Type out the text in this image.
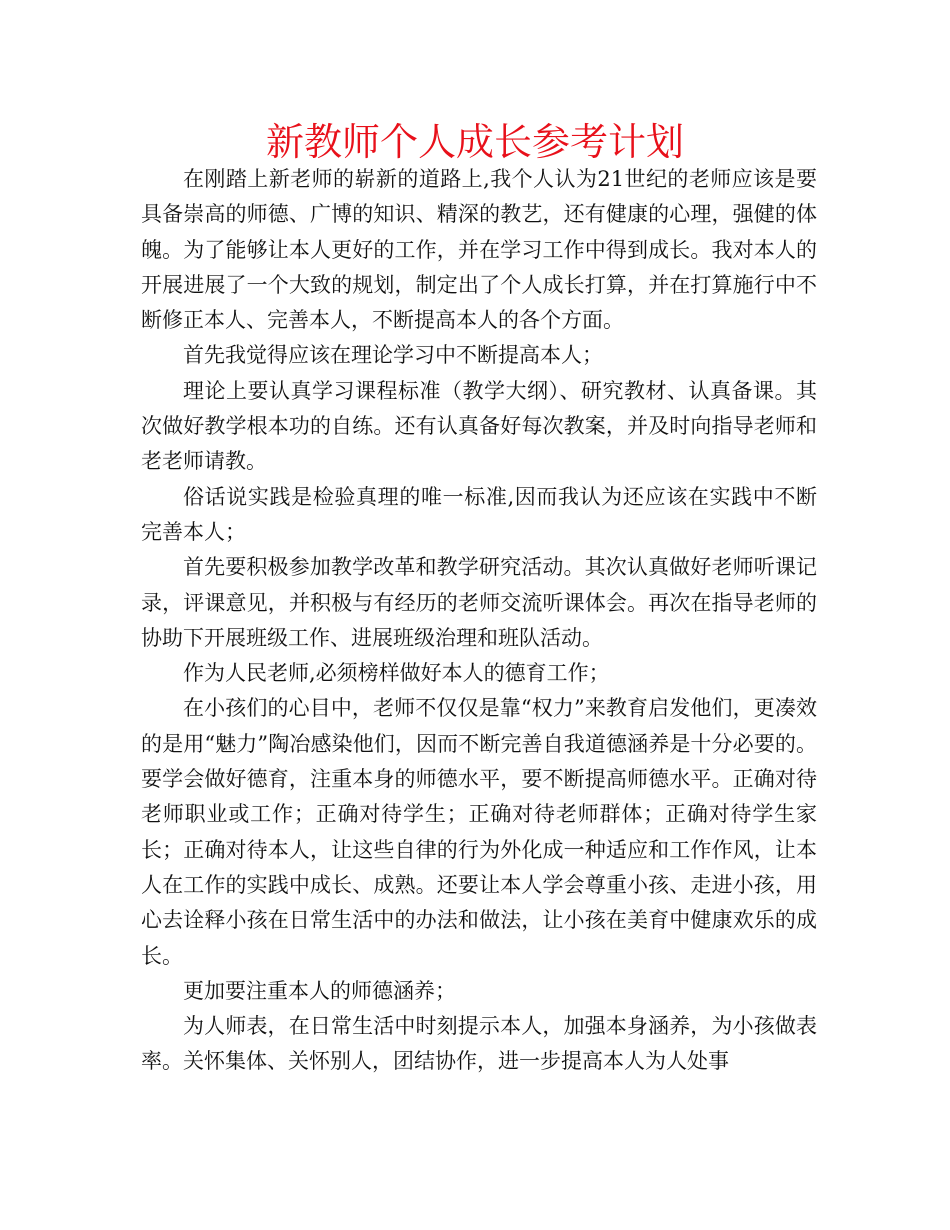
新教师个人成长参考计划

在刚踏上新老师的崭新的道路上,我个人认为21世纪的老师应该是要具备崇高的师德、广博的知识、精深的教艺，还有健康的心理，强健的体魄。为了能够让本人更好的工作，并在学习工作中得到成长。我对本人的开展进展了一个大致的规划，制定出了个人成长打算，并在打算施行中不断修正本人、完善本人，不断提高本人的各个方面。

首先我觉得应该在理论学习中不断提高本人；

理论上要认真学习课程标准（教学大纲）、研究教材、认真备课。其次做好教学根本功的自练。还有认真备好每次教案，并及时向指导老师和老老师请教。

俗话说实践是检验真理的唯一标准,因而我认为还应该在实践中不断完善本人；

首先要积极参加教学改革和教学研究活动。其次认真做好老师听课记录，评课意见，并积极与有经历的老师交流听课体会。再次在指导老师的协助下开展班级工作、进展班级治理和班队活动。

作为人民老师,必须榜样做好本人的德育工作；

在小孩们的心目中，老师不仅仅是靠“权力”来教育启发他们，更凑效的是用“魅力”陶冶感染他们，因而不断完善自我道德涵养是十分必要的。要学会做好德育，注重本身的师德水平，要不断提高师德水平。正确对待老师职业或工作；正确对待学生；正确对待老师群体；正确对待学生家长；正确对待本人，让这些自律的行为外化成一种适应和工作作风，让本人在工作的实践中成长、成熟。还要让本人学会尊重小孩、走进小孩，用心去诠释小孩在日常生活中的办法和做法，让小孩在美育中健康欢乐的成长。

更加要注重本人的师德涵养；

为人师表，在日常生活中时刻提示本人，加强本身涵养，为小孩做表率。关怀集体、关怀别人，团结协作，进一步提高本人为人处事
